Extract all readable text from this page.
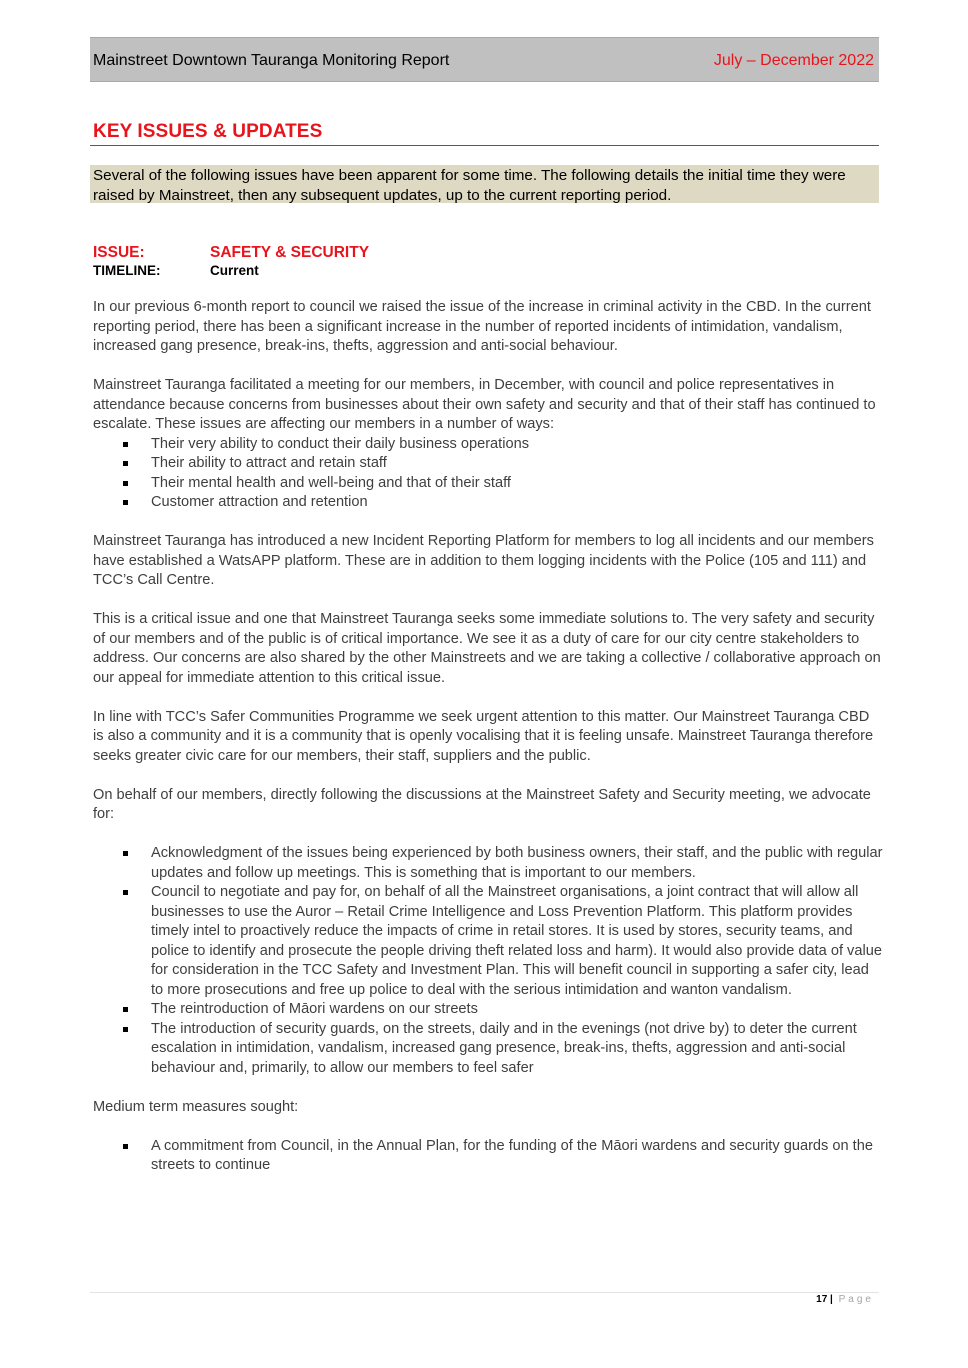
Mainstreet Downtown Tauranga Monitoring Report	July – December 2022
KEY ISSUES & UPDATES
Several of the following issues have been apparent for some time. The following details the initial time they were raised by Mainstreet, then any subsequent updates, up to the current reporting period.
ISSUE:	SAFETY & SECURITY
TIMELINE:	Current

In our previous 6-month report to council we raised the issue of the increase in criminal activity in the CBD. In the current reporting period, there has been a significant increase in the number of reported incidents of intimidation, vandalism, increased gang presence, break-ins, thefts, aggression and anti-social behaviour.

Mainstreet Tauranga facilitated a meeting for our members, in December, with council and police representatives in attendance because concerns from businesses about their own safety and security and that of their staff has continued to escalate. These issues are affecting our members in a number of ways:

Their very ability to conduct their daily business operations
Their ability to attract and retain staff
Their mental health and well-being and that of their staff
Customer attraction and retention

Mainstreet Tauranga has introduced a new Incident Reporting Platform for members to log all incidents and our members have established a WatsAPP platform. These are in addition to them logging incidents with the Police (105 and 111) and TCC’s Call Centre.

This is a critical issue and one that Mainstreet Tauranga seeks some immediate solutions to. The very safety and security of our members and of the public is of critical importance. We see it as a duty of care for our city centre stakeholders to address. Our concerns are also shared by the other Mainstreets and we are taking a collective / collaborative approach on our appeal for immediate attention to this critical issue.

In line with TCC’s Safer Communities Programme we seek urgent attention to this matter. Our Mainstreet Tauranga CBD is also a community and it is a community that is openly vocalising that it is feeling unsafe. Mainstreet Tauranga therefore seeks greater civic care for our members, their staff, suppliers and the public.

On behalf of our members, directly following the discussions at the Mainstreet Safety and Security meeting, we advocate for:

Acknowledgment of the issues being experienced by both business owners, their staff, and the public with regular updates and follow up meetings. This is something that is important to our members.
Council to negotiate and pay for, on behalf of all the Mainstreet organisations, a joint contract that will allow all businesses to use the Auror – Retail Crime Intelligence and Loss Prevention Platform. This platform provides timely intel to proactively reduce the impacts of crime in retail stores. It is used by stores, security teams, and police to identify and prosecute the people driving theft related loss and harm). It would also provide data of value for consideration in the TCC Safety and Investment Plan. This will benefit council in supporting a safer city, lead to more prosecutions and free up police to deal with the serious intimidation and wanton vandalism.
The reintroduction of Māori wardens on our streets
The introduction of security guards, on the streets, daily and in the evenings (not drive by) to deter the current escalation in intimidation, vandalism, increased gang presence, break-ins, thefts, aggression and anti-social behaviour and, primarily, to allow our members to feel safer

Medium term measures sought:

A commitment from Council, in the Annual Plan, for the funding of the Māori wardens and security guards on the streets to continue
17 | Page
